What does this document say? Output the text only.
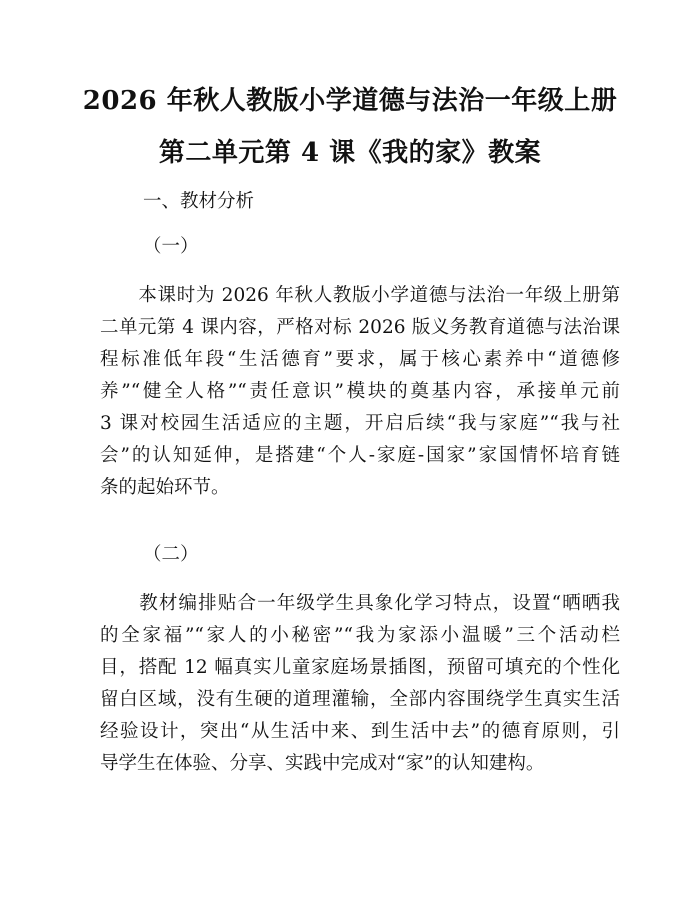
2026 年秋人教版小学道德与法治一年级上册
第二单元第 4 课《我的家》教案
一、教材分析
（一）
　　本课时为 2026 年秋人教版小学道德与法治一年级上册第
二单元第 4 课内容，严格对标 2026 版义务教育道德与法治课
程标准低年段“生活德育”要求，属于核心素养中“道德修
养”“健全人格”“责任意识”模块的奠基内容，承接单元前
3 课对校园生活适应的主题，开启后续“我与家庭”“我与社
会”的认知延伸，是搭建“个人-家庭-国家”家国情怀培育链
条的起始环节。
（二）
　　教材编排贴合一年级学生具象化学习特点，设置“晒晒我
的全家福”“家人的小秘密”“我为家添小温暖”三个活动栏
目，搭配 12 幅真实儿童家庭场景插图，预留可填充的个性化
留白区域，没有生硬的道理灌输，全部内容围绕学生真实生活
经验设计，突出“从生活中来、到生活中去”的德育原则，引
导学生在体验、分享、实践中完成对“家”的认知建构。
